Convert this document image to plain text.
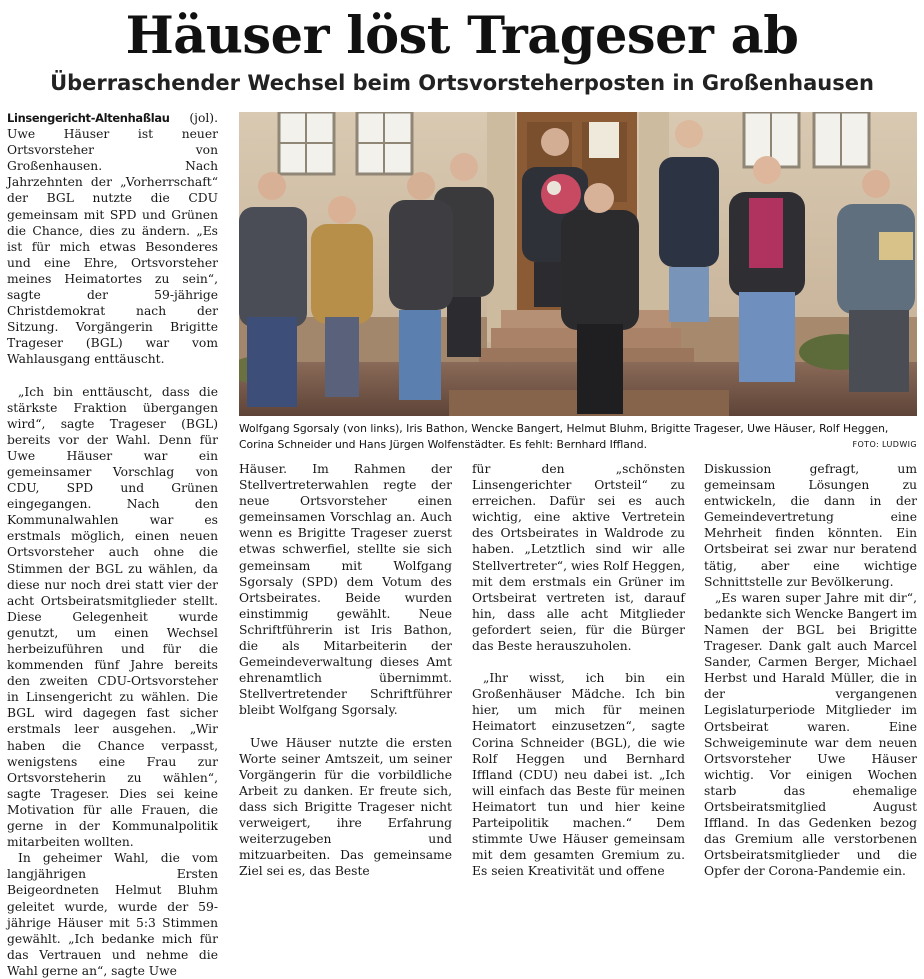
Häuser löst Trageser ab
Überraschender Wechsel beim Ortsvorsteherposten in Großenhausen

Linsengericht-Altenhaßlau (jol). Uwe Häuser ist neuer Ortsvorsteher von Großenhausen. Nach Jahrzehnten der „Vorherrschaft“ der BGL nutzte die CDU gemeinsam mit SPD und Grünen die Chance, dies zu ändern. „Es ist für mich etwas Besonderes und eine Ehre, Ortsvorsteher meines Heimatortes zu sein“, sagte der 59-jährige Christdemokrat nach der Sitzung. Vorgängerin Brigitte Trageser (BGL) war vom Wahlausgang enttäuscht.

„Ich bin enttäuscht, dass die stärkste Fraktion übergangen wird“, sagte Trageser (BGL) bereits vor der Wahl. Denn für Uwe Häuser war ein gemeinsamer Vorschlag von CDU, SPD und Grünen eingegangen. Nach den Kommunalwahlen war es erstmals möglich, einen neuen Ortsvorsteher auch ohne die Stimmen der BGL zu wählen, da diese nur noch drei statt vier der acht Ortsbeiratsmitglieder stellt. Diese Gelegenheit wurde genutzt, um einen Wechsel herbeizuführen und für die kommenden fünf Jahre bereits den zweiten CDU-Ortsvorsteher in Linsengericht zu wählen. Die BGL wird dagegen fast sicher erstmals leer ausgehen. „Wir haben die Chance verpasst, wenigstens eine Frau zur Ortsvorsteherin zu wählen“, sagte Trageser. Dies sei keine Motivation für alle Frauen, die gerne in der Kommunalpolitik mitarbeiten wollten.

In geheimer Wahl, die vom langjährigen Ersten Beigeordneten Helmut Bluhm geleitet wurde, wurde der 59-jährige Häuser mit 5:3 Stimmen gewählt. „Ich bedanke mich für das Vertrauen und nehme die Wahl gerne an“, sagte Uwe

Wolfgang Sgorsaly (von links), Iris Bathon, Wencke Bangert, Helmut Bluhm, Brigitte Trageser, Uwe Häuser, Rolf Heggen,
Corina Schneider und Hans Jürgen Wolfenstädter. Es fehlt: Bernhard Iffland.	FOTO: LUDWIG

Häuser. Im Rahmen der Stellvertreterwahlen regte der neue Ortsvorsteher einen gemeinsamen Vorschlag an. Auch wenn es Brigitte Trageser zuerst etwas schwerfiel, stellte sie sich gemeinsam mit Wolfgang Sgorsaly (SPD) dem Votum des Ortsbeirates. Beide wurden einstimmig gewählt. Neue Schriftführerin ist Iris Bathon, die als Mitarbeiterin der Gemeindeverwaltung dieses Amt ehrenamtlich übernimmt. Stellvertretender Schriftführer bleibt Wolfgang Sgorsaly.

Uwe Häuser nutzte die ersten Worte seiner Amtszeit, um seiner Vorgängerin für die vorbildliche Arbeit zu danken. Er freute sich, dass sich Brigitte Trageser nicht verweigert, ihre Erfahrung weiterzugeben und mitzuarbeiten. Das gemeinsame Ziel sei es, das Beste

für den „schönsten Linsengerichter Ortsteil“ zu erreichen. Dafür sei es auch wichtig, eine aktive Vertretein des Ortsbeirates in Waldrode zu haben. „Letztlich sind wir alle Stellvertreter“, wies Rolf Heggen, mit dem erstmals ein Grüner im Ortsbeirat vertreten ist, darauf hin, dass alle acht Mitglieder gefordert seien, für die Bürger das Beste herauszuholen.

„Ihr wisst, ich bin ein Großenhäuser Mädche. Ich bin hier, um mich für meinen Heimatort einzusetzen“, sagte Corina Schneider (BGL), die wie Rolf Heggen und Bernhard Iffland (CDU) neu dabei ist. „Ich will einfach das Beste für meinen Heimatort tun und hier keine Parteipolitik machen.“ Dem stimmte Uwe Häuser gemeinsam mit dem gesamten Gremium zu. Es seien Kreativität und offene

Diskussion gefragt, um gemeinsam Lösungen zu entwickeln, die dann in der Gemeindevertretung eine Mehrheit finden könnten. Ein Ortsbeirat sei zwar nur beratend tätig, aber eine wichtige Schnittstelle zur Bevölkerung.

„Es waren super Jahre mit dir“, bedankte sich Wencke Bangert im Namen der BGL bei Brigitte Trageser. Dank galt auch Marcel Sander, Carmen Berger, Michael Herbst und Harald Müller, die in der vergangenen Legislaturperiode Mitglieder im Ortsbeirat waren. Eine Schweigeminute war dem neuen Ortsvorsteher Uwe Häuser wichtig. Vor einigen Wochen starb das ehemalige Ortsbeiratsmitglied August Iffland. In das Gedenken bezog das Gremium alle verstorbenen Ortsbeiratsmitglieder und die Opfer der Corona-Pandemie ein.
